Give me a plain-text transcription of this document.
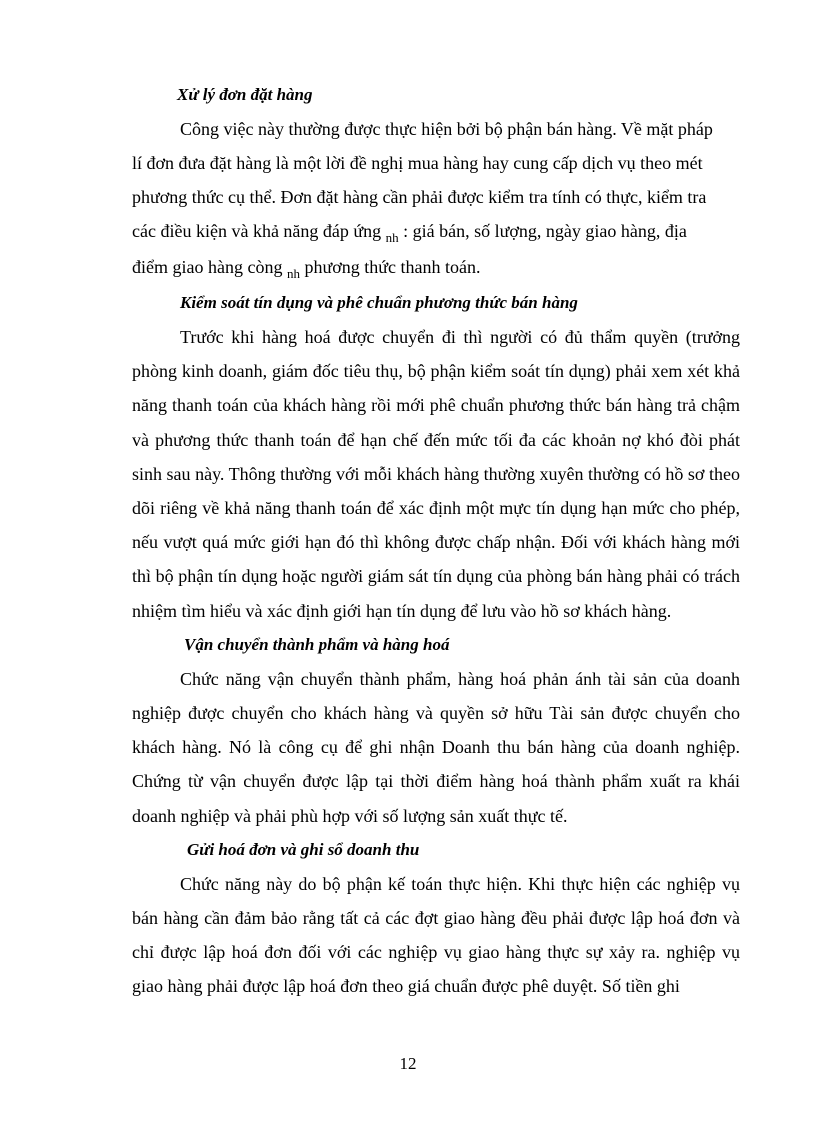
Xử lý đơn đặt hàng
Công việc này thường được thực hiện bởi bộ phận bán hàng. Về mặt pháp
lí đơn đưa đặt hàng là một lời đề nghị mua hàng hay cung cấp dịch vụ theo mét
phương thức cụ thể. Đơn đặt hàng cần phải được kiểm tra tính có thực, kiểm tra
các điều kiện và khả năng đáp ứng $_{nh}$ : giá bán, số lượng, ngày giao hàng, địa
điểm giao hàng còng $_{nh}$ phương thức thanh toán.
Kiểm soát tín dụng và phê chuẩn phương thức bán hàng

Trước khi hàng hoá được chuyển đi thì người có đủ thẩm quyền (trưởng phòng kinh doanh, giám đốc tiêu thụ, bộ phận kiểm soát tín dụng) phải xem xét khả năng thanh toán của khách hàng rồi mới phê chuẩn phương thức bán hàng trả chậm và phương thức thanh toán để hạn chế đến mức tối đa các khoản nợ khó đòi phát sinh sau này. Thông thường với mỗi khách hàng thường xuyên thường có hồ sơ theo dõi riêng về khả năng thanh toán để xác định một mực tín dụng hạn mức cho phép, nếu vượt quá mức giới hạn đó thì không được chấp nhận. Đối với khách hàng mới thì bộ phận tín dụng hoặc người giám sát tín dụng của phòng bán hàng phải có trách nhiệm tìm hiểu và xác định giới hạn tín dụng để lưu vào hồ sơ khách hàng.

Vận chuyển thành phẩm và hàng hoá

Chức năng vận chuyển thành phẩm, hàng hoá phản ánh tài sản của doanh nghiệp được chuyển cho khách hàng và quyền sở hữu Tài sản được chuyển cho khách hàng. Nó là công cụ để ghi nhận Doanh thu bán hàng của doanh nghiệp. Chứng từ vận chuyển được lập tại thời điểm hàng hoá thành phẩm xuất ra khái doanh nghiệp và phải phù hợp với số lượng sản xuất thực tế.

Gửi hoá đơn và ghi sổ doanh thu

Chức năng này do bộ phận kế toán thực hiện. Khi thực hiện các nghiệp vụ bán hàng cần đảm bảo rằng tất cả các đợt giao hàng đều phải được lập hoá đơn và chỉ được lập hoá đơn đối với các nghiệp vụ giao hàng thực sự xảy ra. nghiệp vụ giao hàng phải được lập hoá đơn theo giá chuẩn được phê duyệt. Số tiền ghi

12
